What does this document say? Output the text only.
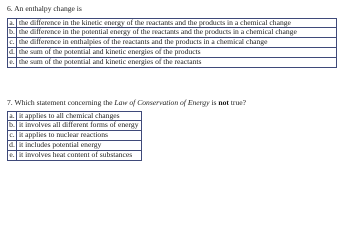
6. An enthalpy change is
a.	the difference in the kinetic energy of the reactants and the products in a chemical change
b.	the difference in the potential energy of the reactants and the products in a chemical change
c.	the difference in enthalpies of the reactants and the products in a chemical change
d.	the sum of the potential and kinetic energies of the products
e.	the sum of the potential and kinetic energies of the reactants
7. Which statement concerning the Law of Conservation of Energy is not true?
a.	it applies to all chemical changes
b.	it involves all different forms of energy
c.	it applies to nuclear reactions
d.	it includes potential energy
e.	it involves heat content of substances
